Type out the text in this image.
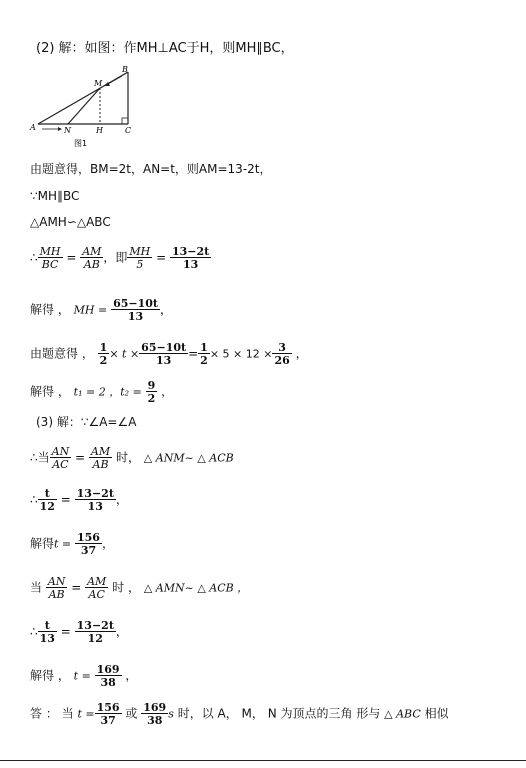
(2) 解：如图：作MH⊥AC于H，则MH∥BC，
A	N	H	C
M
B
图1
由题意得，BM=2t，AN=t，则AM=13-2t，
∵MH∥BC
△AMH∽△ABC
∴ $\frac{MH}{BC} = \frac{AM}{AB}$ ，即 $\frac{MH}{5} = \frac{13-2t}{13}$
解得 ， MH = $\frac{65-10t}{13}$ ，
由题意得 ， $\frac{1}{2} \times t \times \frac{65-10t}{13} = \frac{1}{2} \times 5 \times 12 \times \frac{3}{26}$ ，
解得 ， t₁ = 2 ，$t_2 = \frac{9}{2}$ ，
(3) 解：∵∠A=∠A
∴当 $\frac{AN}{AC} = \frac{AM}{AB}$ 时， △ ANM~ △ ACB
∴ $\frac{t}{12} = \frac{13-2t}{13}$ ，
解得$t = \frac{156}{37}$ ，
当 $\frac{AN}{AB} = \frac{AM}{AC}$ 时 ， △ AMN~ △ ACB ，
∴ $\frac{t}{13} = \frac{13-2t}{12}$ ，
解得 ， $t = \frac{169}{38}$ ，
答 ： 当 $t = \frac{156}{37}$ 或 $\frac{169}{38}$ s 时，以 A， M， N 为顶点的三角 形与 △ ABC 相似
